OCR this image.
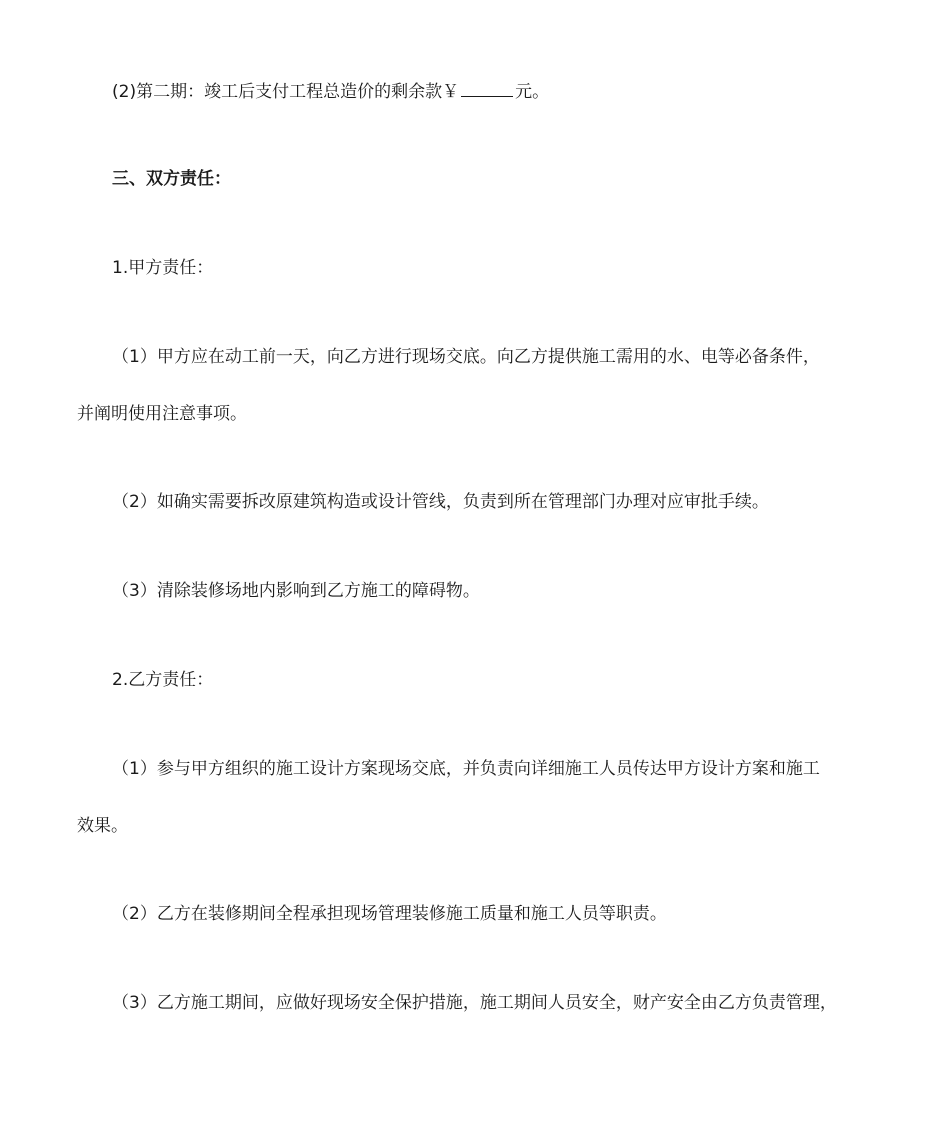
(2)第二期：竣工后支付工程总造价的剩余款￥	元。
三、双方责任：
1.甲方责任：
（1）甲方应在动工前一天，向乙方进行现场交底。向乙方提供施工需用的水、电等必备条件，
并阐明使用注意事项。
（2）如确实需要拆改原建筑构造或设计管线，负责到所在管理部门办理对应审批手续。
（3）清除装修场地内影响到乙方施工的障碍物。
2.乙方责任：
（1）参与甲方组织的施工设计方案现场交底，并负责向详细施工人员传达甲方设计方案和施工
效果。
（2）乙方在装修期间全程承担现场管理装修施工质量和施工人员等职责。
（3）乙方施工期间，应做好现场安全保护措施，施工期间人员安全，财产安全由乙方负责管理，
